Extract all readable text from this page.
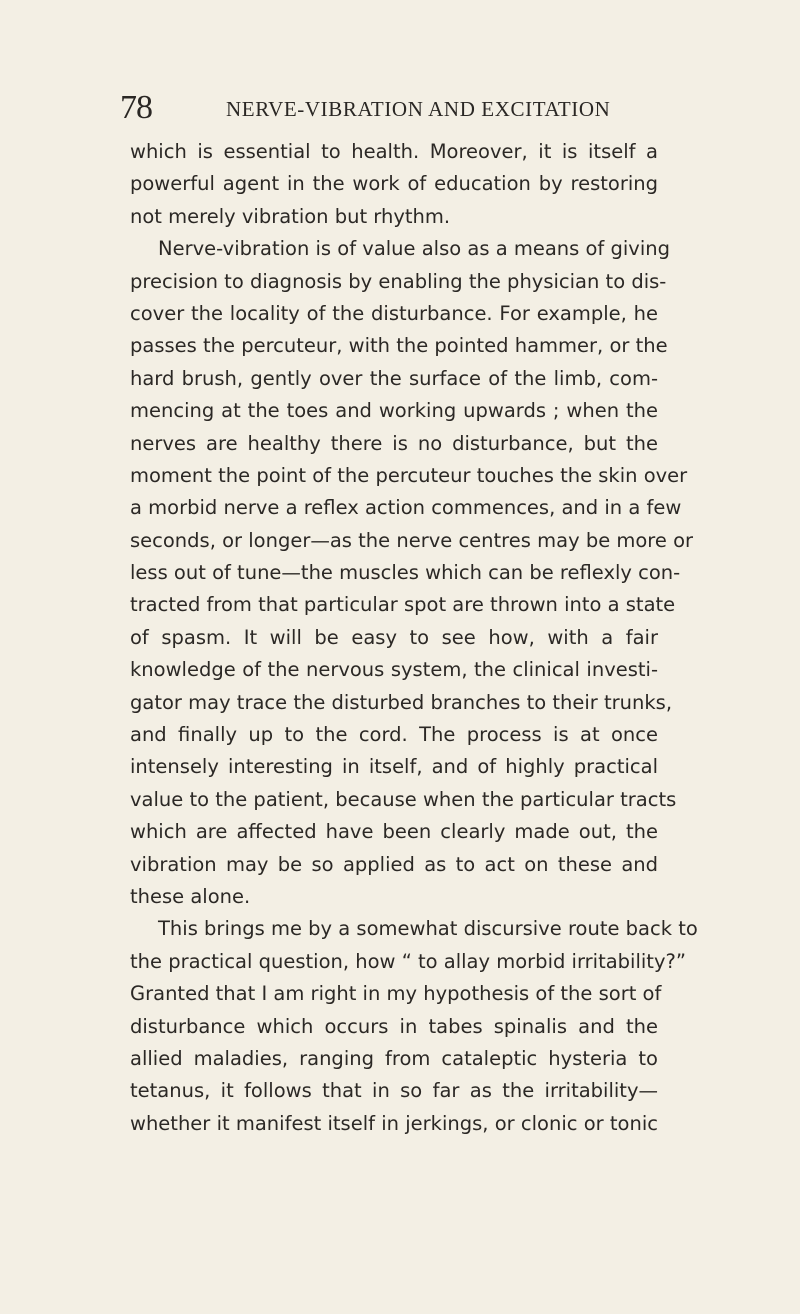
78	NERVE-VIBRATION AND EXCITATION
which is essential to health. Moreover, it is itself a
powerful agent in the work of education by restoring
not merely vibration but rhythm.
Nerve-vibration is of value also as a means of giving
precision to diagnosis by enabling the physician to dis-
cover the locality of the disturbance. For example, he
passes the percuteur, with the pointed hammer, or the
hard brush, gently over the surface of the limb, com-
mencing at the toes and working upwards ; when the
nerves are healthy there is no disturbance, but the
moment the point of the percuteur touches the skin over
a morbid nerve a reflex action commences, and in a few
seconds, or longer—as the nerve centres may be more or
less out of tune—the muscles which can be reflexly con-
tracted from that particular spot are thrown into a state
of spasm. It will be easy to see how, with a fair
knowledge of the nervous system, the clinical investi-
gator may trace the disturbed branches to their trunks,
and finally up to the cord. The process is at once
intensely interesting in itself, and of highly practical
value to the patient, because when the particular tracts
which are affected have been clearly made out, the
vibration may be so applied as to act on these and
these alone.
This brings me by a somewhat discursive route back to
the practical question, how “ to allay morbid irritability?”
Granted that I am right in my hypothesis of the sort of
disturbance which occurs in tabes spinalis and the
allied maladies, ranging from cataleptic hysteria to
tetanus, it follows that in so far as the irritability—
whether it manifest itself in jerkings, or clonic or tonic
